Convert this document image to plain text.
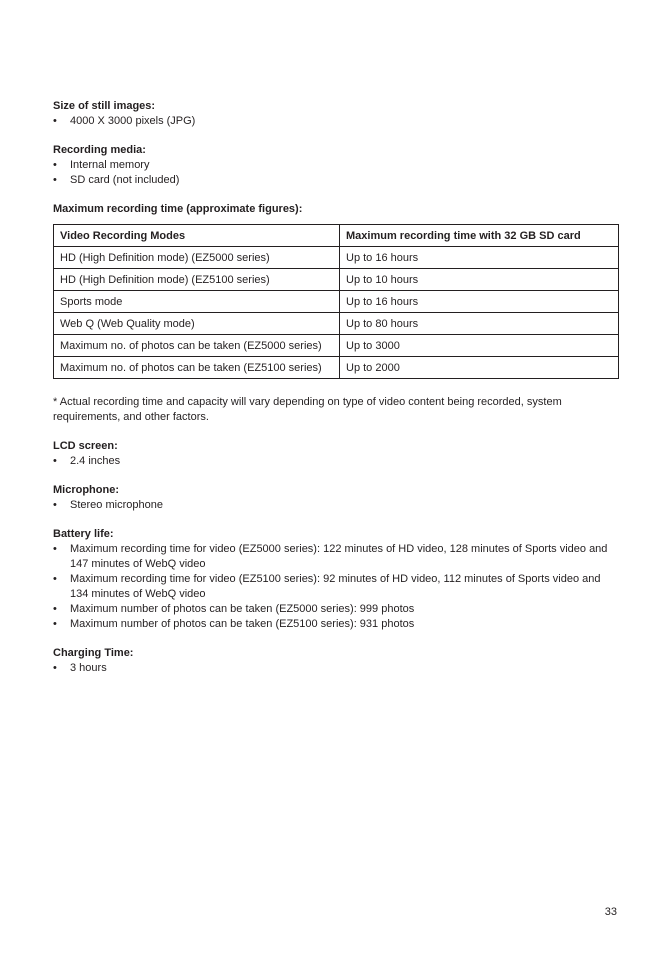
Size of still images:
• 4000 X 3000 pixels (JPG)
Recording media:
• Internal memory
• SD card (not included)
Maximum recording time (approximate figures):
Video Recording Modes	Maximum recording time with 32 GB SD card
HD (High Definition mode) (EZ5000 series)	Up to 16 hours
HD (High Definition mode) (EZ5100 series)	Up to 10 hours
Sports mode	Up to 16 hours
Web Q (Web Quality mode)	Up to 80 hours
Maximum no. of photos can be taken (EZ5000 series)	Up to 3000
Maximum no. of photos can be taken (EZ5100 series)	Up to 2000
* Actual recording time and capacity will vary depending on type of video content being recorded, system requirements, and other factors.
LCD screen:
• 2.4 inches
Microphone:
• Stereo microphone
Battery life:
• Maximum recording time for video (EZ5000 series): 122 minutes of HD video, 128 minutes of Sports video and 147 minutes of WebQ video
• Maximum recording time for video (EZ5100 series): 92 minutes of HD video, 112 minutes of Sports video and 134 minutes of WebQ video
• Maximum number of photos can be taken (EZ5000 series): 999 photos
• Maximum number of photos can be taken (EZ5100 series): 931 photos
Charging Time:
• 3 hours
33
